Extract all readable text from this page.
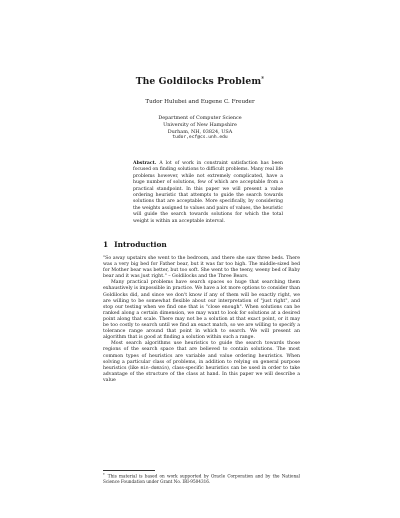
The Goldilocks Problem*
Tudor Hulubei and Eugene C. Freuder
Department of Computer Science
University of New Hampshire
Durham, NH, 03824, USA
tudor,ecf@cs.unh.edu
Abstract. A lot of work in constraint satisfaction has been focused on finding solutions to difficult problems. Many real life problems however, while not extremely complicated, have a huge number of solutions, few of which are acceptable from a practical standpoint. In this paper we will present a value ordering heuristic that attempts to guide the search towards solutions that are acceptable. More specifically, by considering the weights assigned to values and pairs of values, the heuristic will guide the search towards solutions for which the total weight is within an acceptable interval.
1 Introduction

"So away upstairs she went to the bedroom, and there she saw three beds. There was a very big bed for Father bear, but it was far too high. The middle-sized bed for Mother bear was better, but too soft. She went to the teeny, weeny bed of Baby bear and it was just right." – Goldilocks and the Three Bears.

Many practical problems have search spaces so huge that searching them exhaustively is impossible in practice. We have a lot more options to consider than Goldilocks did, and since we don't know if any of them will be exactly right, we are willing to be somewhat flexible about our interpretation of "just right", and stop our testing when we find one that is "close enough". When solutions can be ranked along a certain dimension, we may want to look for solutions at a desired point along that scale. There may not be a solution at that exact point, or it may be too costly to search until we find an exact match, so we are willing to specify a tolerance range around that point in which to search. We will present an algorithm that is good at finding a solution within such a range.

Most search algorithms use heuristics to guide the search towards those regions of the search space that are believed to contain solutions. The most common types of heuristics are variable and value ordering heuristics. When solving a particular class of problems, in addition to relying on general purpose heuristics (like min-domain), class-specific heuristics can be used in order to take advantage of the structure of the class at hand. In this paper we will describe a value

* This material is based on work supported by Oracle Corporation and by the National Science Foundation under Grant No. IRI-9504316.
